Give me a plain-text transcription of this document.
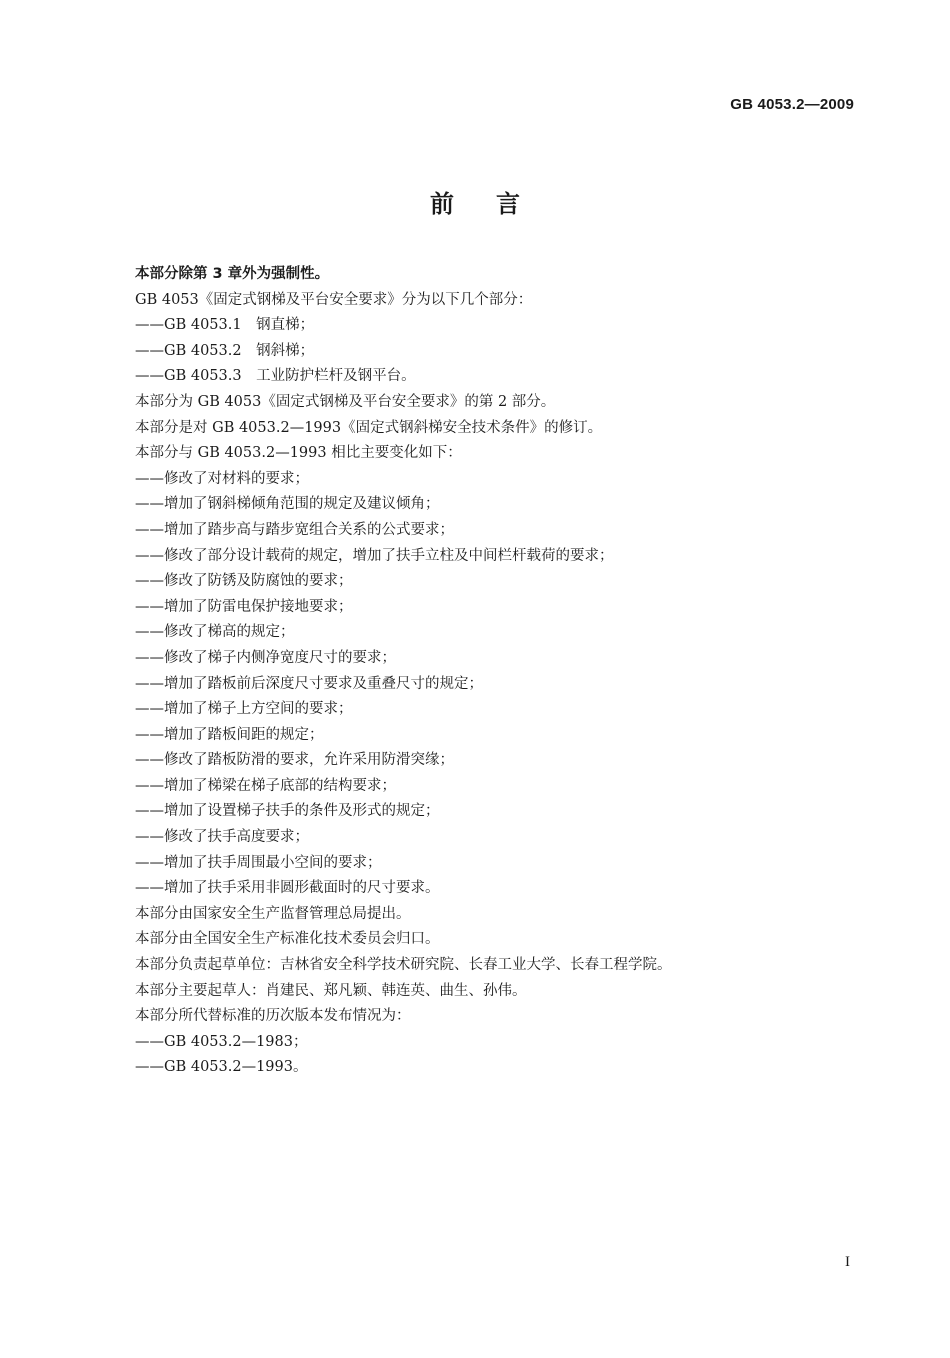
GB 4053.2—2009
前言
本部分除第 3 章外为强制性。
GB 4053《固定式钢梯及平台安全要求》分为以下几个部分：
——GB 4053.1　钢直梯；
——GB 4053.2　钢斜梯；
——GB 4053.3　工业防护栏杆及钢平台。
本部分为 GB 4053《固定式钢梯及平台安全要求》的第 2 部分。
本部分是对 GB 4053.2—1993《固定式钢斜梯安全技术条件》的修订。
本部分与 GB 4053.2—1993 相比主要变化如下：
——修改了对材料的要求；
——增加了钢斜梯倾角范围的规定及建议倾角；
——增加了踏步高与踏步宽组合关系的公式要求；
——修改了部分设计载荷的规定，增加了扶手立柱及中间栏杆载荷的要求；
——修改了防锈及防腐蚀的要求；
——增加了防雷电保护接地要求；
——修改了梯高的规定；
——修改了梯子内侧净宽度尺寸的要求；
——增加了踏板前后深度尺寸要求及重叠尺寸的规定；
——增加了梯子上方空间的要求；
——增加了踏板间距的规定；
——修改了踏板防滑的要求，允许采用防滑突缘；
——增加了梯梁在梯子底部的结构要求；
——增加了设置梯子扶手的条件及形式的规定；
——修改了扶手高度要求；
——增加了扶手周围最小空间的要求；
——增加了扶手采用非圆形截面时的尺寸要求。
本部分由国家安全生产监督管理总局提出。
本部分由全国安全生产标准化技术委员会归口。
本部分负责起草单位：吉林省安全科学技术研究院、长春工业大学、长春工程学院。
本部分主要起草人：肖建民、郑凡颖、韩连英、曲生、孙伟。
本部分所代替标准的历次版本发布情况为：
——GB 4053.2—1983；
——GB 4053.2—1993。
I
